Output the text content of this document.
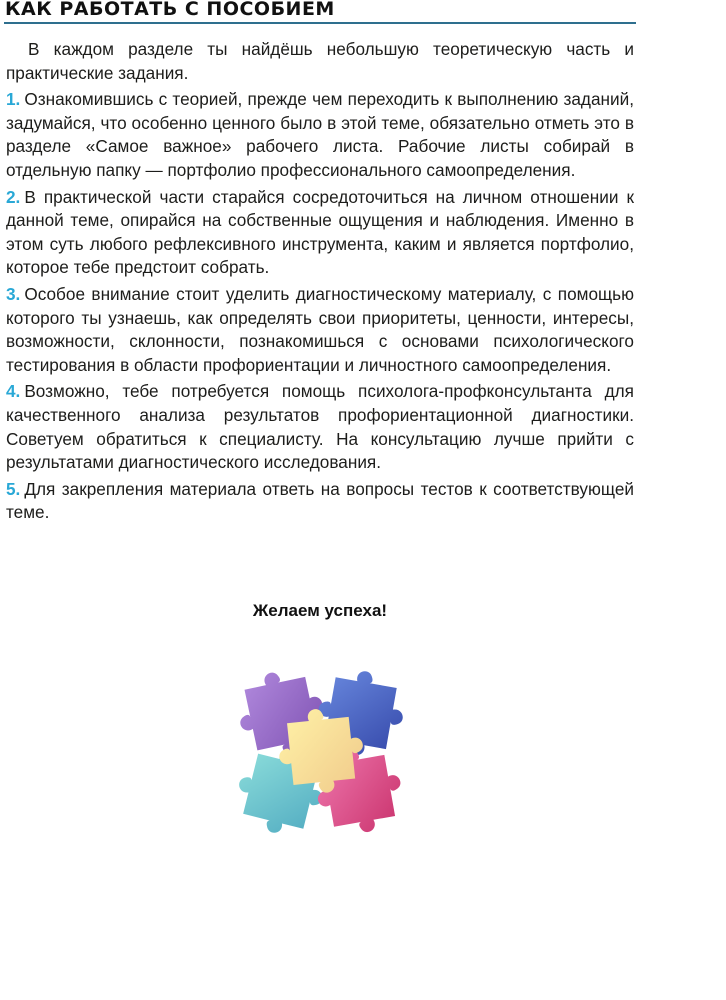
КАК РАБОТАТЬ С ПОСОБИЕМ

В каждом разделе ты найдёшь небольшую теоретическую часть и практические задания.

1. Ознакомившись с теорией, прежде чем переходить к выполнению заданий, задумайся, что особенно ценного было в этой теме, обязательно отметь это в разделе «Самое важное» рабочего листа. Рабочие листы собирай в отдельную папку — портфолио профессионального самоопределения.

2. В практической части старайся сосредоточиться на личном отношении к данной теме, опирайся на собственные ощущения и наблюдения. Именно в этом суть любого рефлексивного инструмента, каким и является портфолио, которое тебе предстоит собрать.

3. Особое внимание стоит уделить диагностическому материалу, с помощью которого ты узнаешь, как определять свои приоритеты, ценности, интересы, возможности, склонности, познакомишься с основами психологического тестирования в области профориентации и личностного самоопределения.

4. Возможно, тебе потребуется помощь психолога-профконсультанта для качественного анализа результатов профориентационной диагностики. Советуем обратиться к специалисту. На консультацию лучше прийти с результатами диагностического исследования.

5. Для закрепления материала ответь на вопросы тестов к соответствующей теме.

Желаем успеха!
